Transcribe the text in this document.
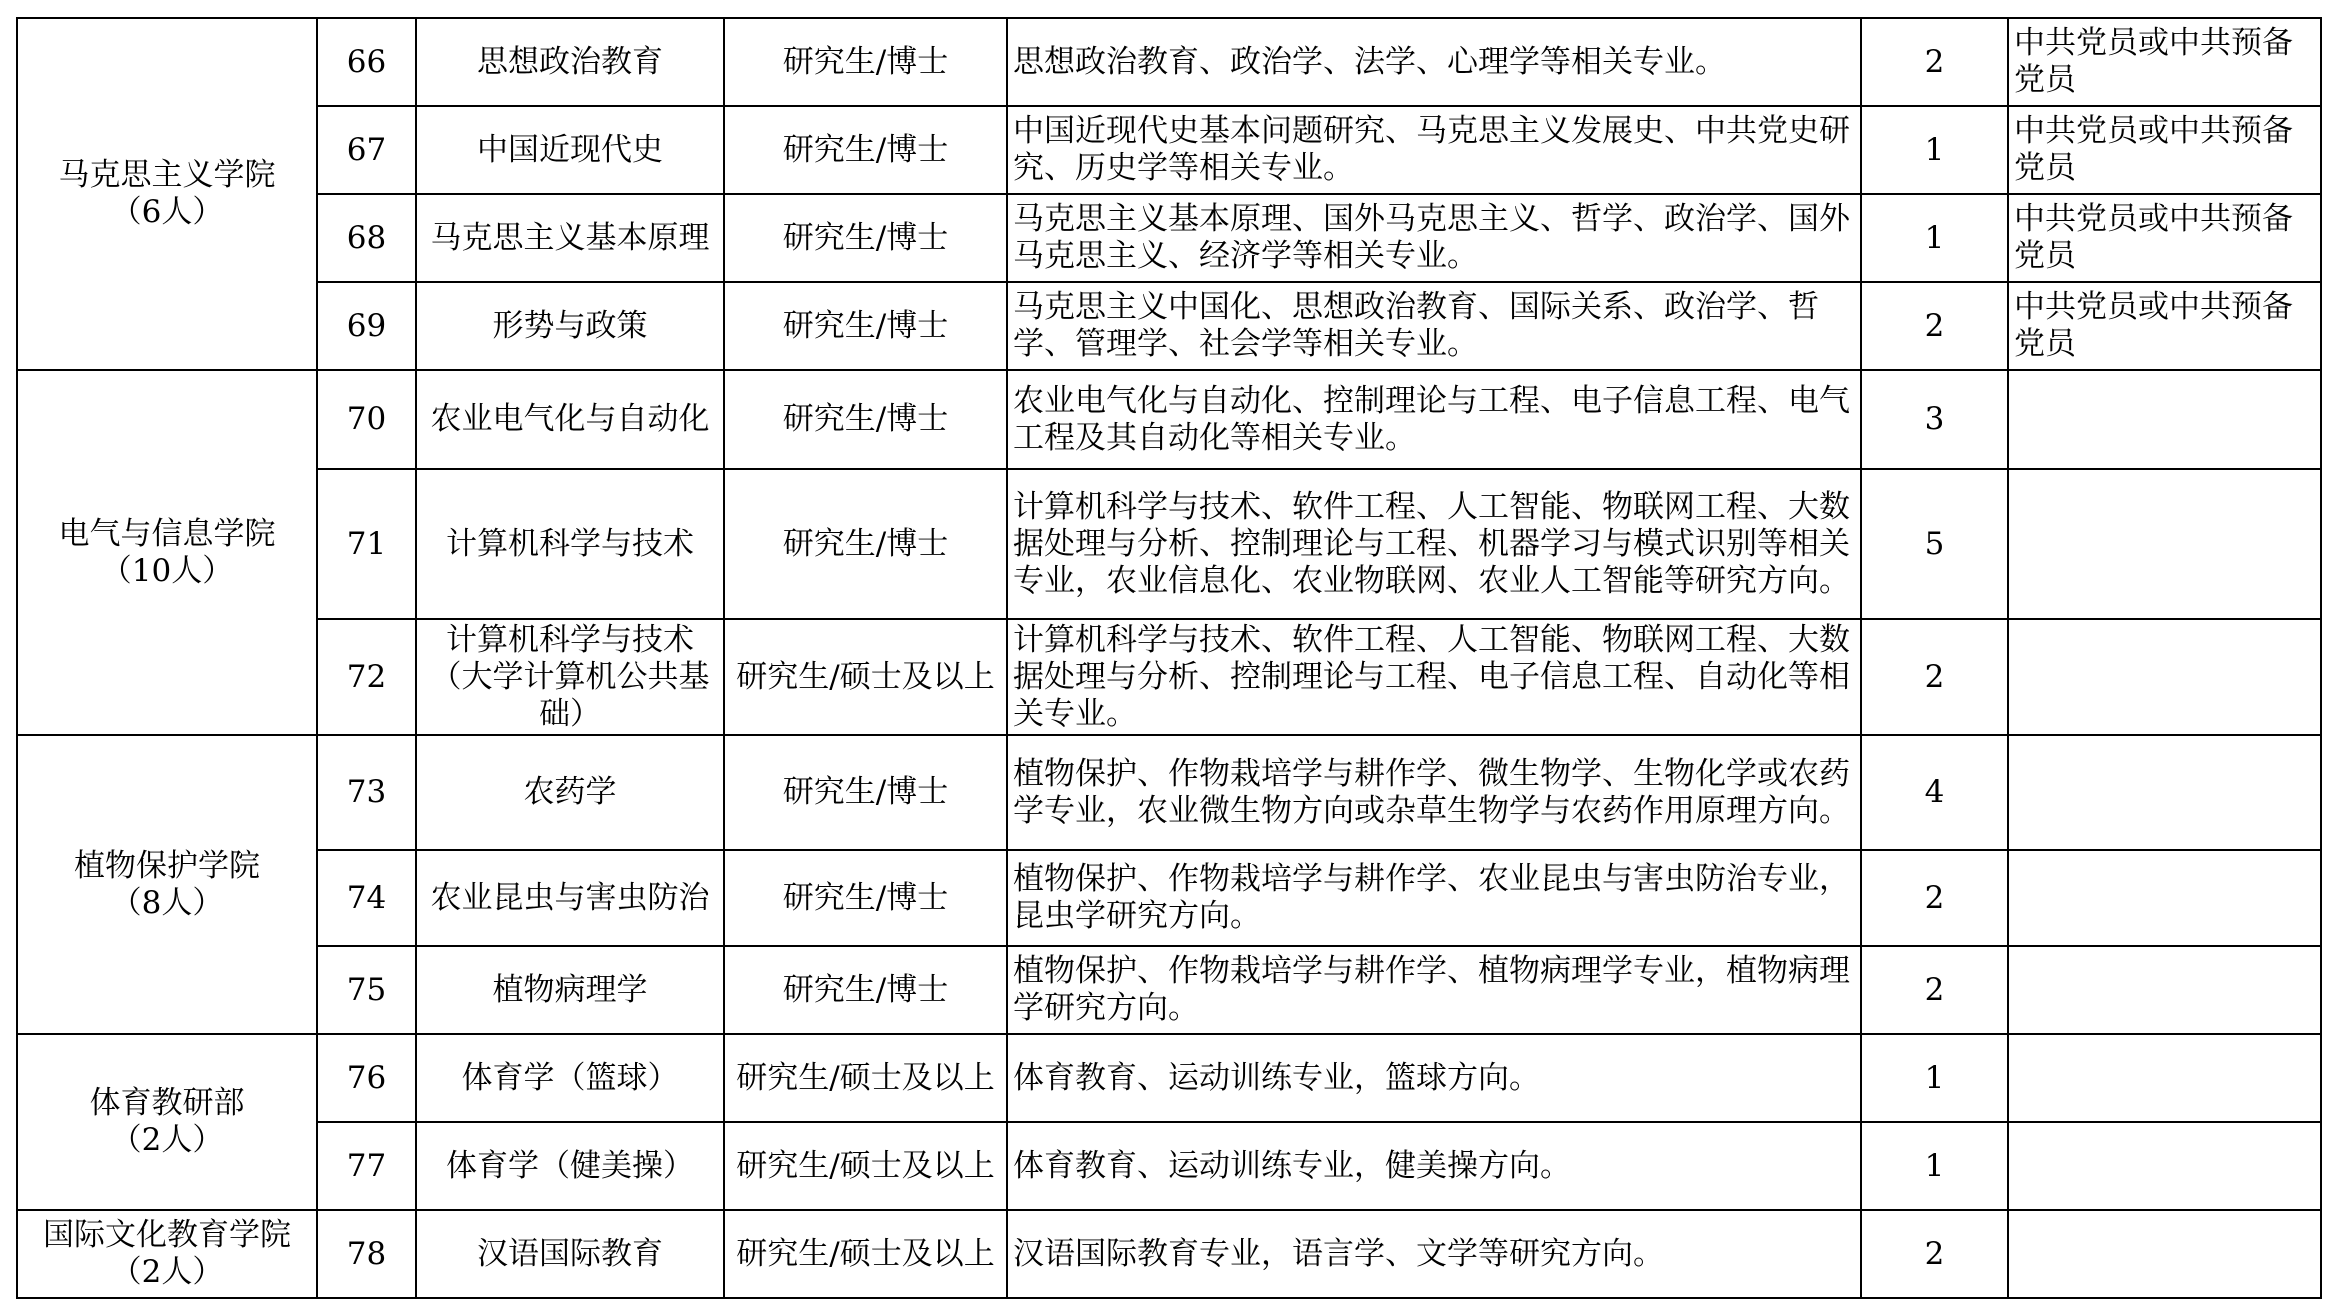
马克思主义学院
（6人）	66	思想政治教育	研究生/博士	思想政治教育、政治学、法学、心理学等相关专业。	2	中共党员或中共预备党员
	67	中国近现代史	研究生/博士	中国近现代史基本问题研究、马克思主义发展史、中共党史研究、历史学等相关专业。	1	中共党员或中共预备党员
	68	马克思主义基本原理	研究生/博士	马克思主义基本原理、国外马克思主义、哲学、政治学、国外马克思主义、经济学等相关专业。	1	中共党员或中共预备党员
	69	形势与政策	研究生/博士	马克思主义中国化、思想政治教育、国际关系、政治学、哲学、管理学、社会学等相关专业。	2	中共党员或中共预备党员

电气与信息学院
（10人）	70	农业电气化与自动化	研究生/博士	农业电气化与自动化、控制理论与工程、电子信息工程、电气工程及其自动化等相关专业。	3	
	71	计算机科学与技术	研究生/博士	计算机科学与技术、软件工程、人工智能、物联网工程、大数据处理与分析、控制理论与工程、机器学习与模式识别等相关专业，农业信息化、农业物联网、农业人工智能等研究方向。	5	
	72	计算机科学与技术（大学计算机公共基础）	研究生/硕士及以上	计算机科学与技术、软件工程、人工智能、物联网工程、大数据处理与分析、控制理论与工程、电子信息工程、自动化等相关专业。	2	

植物保护学院
（8人）	73	农药学	研究生/博士	植物保护、作物栽培学与耕作学、微生物学、生物化学或农药学专业，农业微生物方向或杂草生物学与农药作用原理方向。	4	
	74	农业昆虫与害虫防治	研究生/博士	植物保护、作物栽培学与耕作学、农业昆虫与害虫防治专业，昆虫学研究方向。	2	
	75	植物病理学	研究生/博士	植物保护、作物栽培学与耕作学、植物病理学专业，植物病理学研究方向。	2	

体育教研部
（2人）	76	体育学（篮球）	研究生/硕士及以上	体育教育、运动训练专业，篮球方向。	1	
	77	体育学（健美操）	研究生/硕士及以上	体育教育、运动训练专业，健美操方向。	1	

国际文化教育学院
（2人）	78	汉语国际教育	研究生/硕士及以上	汉语国际教育专业，语言学、文学等研究方向。	2	
